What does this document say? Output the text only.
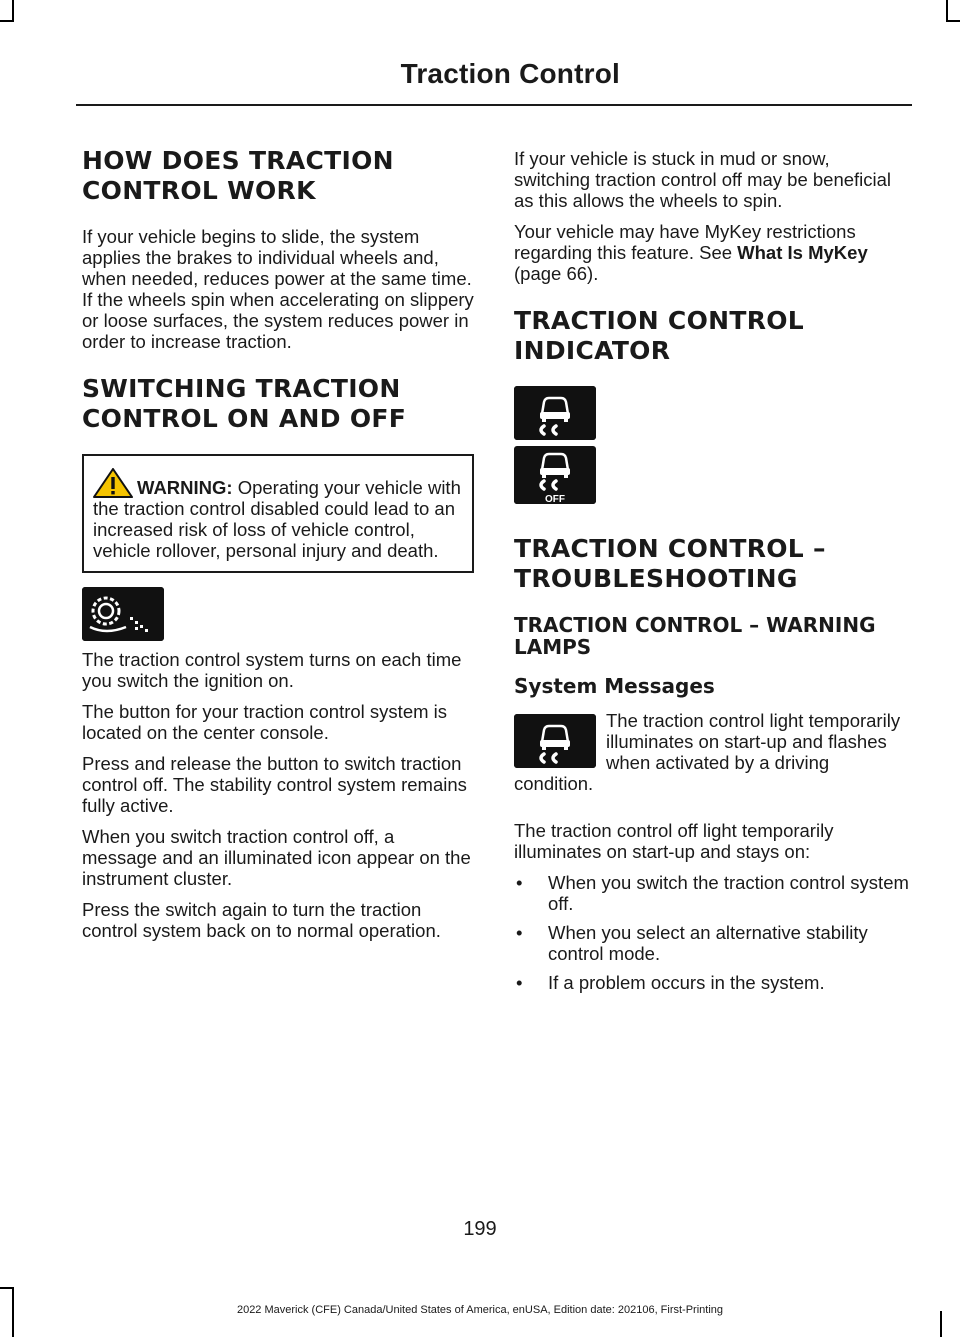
Traction Control
HOW DOES TRACTION CONTROL WORK

If your vehicle begins to slide, the system applies the brakes to individual wheels and, when needed, reduces power at the same time. If the wheels spin when accelerating on slippery or loose surfaces, the system reduces power in order to increase traction.

SWITCHING TRACTION CONTROL ON AND OFF

WARNING: Operating your vehicle with the traction control disabled could lead to an increased risk of loss of vehicle control, vehicle rollover, personal injury and death.

The traction control system turns on each time you switch the ignition on.

The button for your traction control system is located on the center console.

Press and release the button to switch traction control off. The stability control system remains fully active.

When you switch traction control off, a message and an illuminated icon appear on the instrument cluster.

Press the switch again to turn the traction control system back on to normal operation.

If your vehicle is stuck in mud or snow, switching traction control off may be beneficial as this allows the wheels to spin.

Your vehicle may have MyKey restrictions regarding this feature. See What Is MyKey (page 66).

TRACTION CONTROL INDICATOR
OFF
TRACTION CONTROL – TROUBLESHOOTING
TRACTION CONTROL – WARNING LAMPS
System Messages

The traction control light temporarily illuminates on start-up and flashes when activated by a driving condition.

The traction control off light temporarily illuminates on start-up and stays on:

• When you switch the traction control system off.
• When you select an alternative stability control mode.
• If a problem occurs in the system.
199
2022 Maverick (CFE) Canada/United States of America, enUSA, Edition date: 202106, First-Printing
